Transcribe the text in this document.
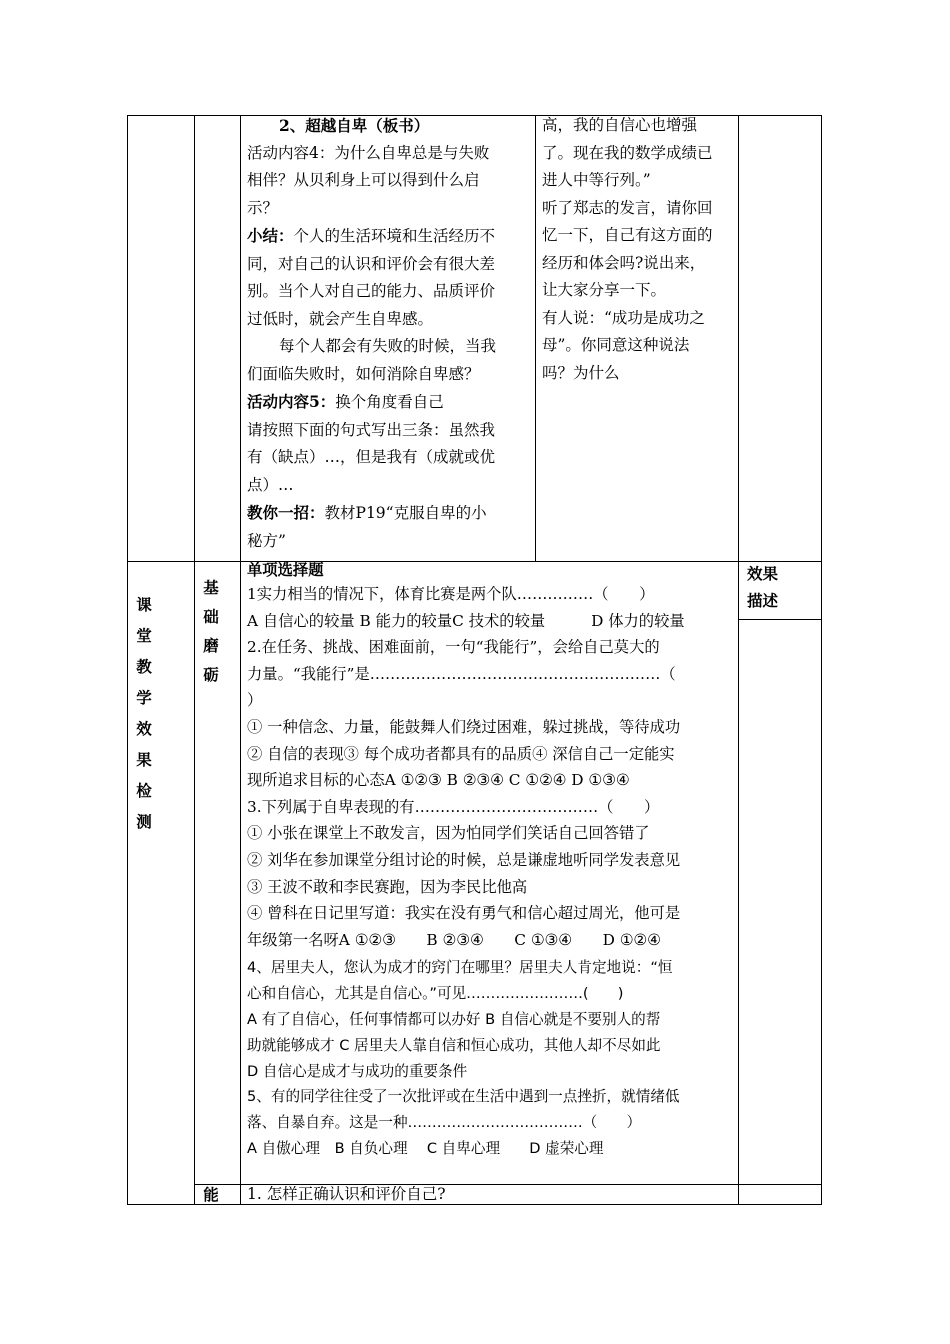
2、超越自卑（板书）
活动内容4：为什么自卑总是与失败
相伴？从贝利身上可以得到什么启
示？
小结：个人的生活环境和生活经历不
同，对自己的认识和评价会有很大差
别。当个人对自己的能力、品质评价
过低时，就会产生自卑感。
每个人都会有失败的时候，当我
们面临失败时，如何消除自卑感？
活动内容5：换个角度看自己
请按照下面的句式写出三条：虽然我
有（缺点）…，但是我有（成就或优
点）…
教你一招：教材P19“克服自卑的小
秘方”
高，我的自信心也增强
了。现在我的数学成绩已
进人中等行列。”
听了郑志的发言，请你回
忆一下，自己有这方面的
经历和体会吗?说出来，
让大家分享一下。
有人说：“成功是成功之
母”。你同意这种说法
吗？为什么
课
堂
教
学
效
果
检
测
基
础
磨
砺
能
效果
描述
单项选择题
1实力相当的情况下，体育比赛是两个队……………（　　）
A 自信心的较量 B 能力的较量C 技术的较量　　　D 体力的较量
2.在任务、挑战、困难面前，一句“我能行”，会给自己莫大的
力量。“我能行”是…………………………………………………（
）
① 一种信念、力量，能鼓舞人们绕过困难，躲过挑战，等待成功
② 自信的表现③ 每个成功者都具有的品质④ 深信自己一定能实
现所追求目标的心态A ①②③ B ②③④ C ①②④ D ①③④
3.下列属于自卑表现的有………………………………（　　）
① 小张在课堂上不敢发言，因为怕同学们笑话自己回答错了
② 刘华在参加课堂分组讨论的时候，总是谦虚地听同学发表意见
③ 王波不敢和李民赛跑，因为李民比他高
④ 曾科在日记里写道：我实在没有勇气和信心超过周光，他可是
年级第一名呀A ①②③　　B ②③④　　C ①③④　　D ①②④
4、居里夫人，您认为成才的窍门在哪里？居里夫人肯定地说：“恒
心和自信心，尤其是自信心。”可见……………………(　　)
A 有了自信心，任何事情都可以办好 B 自信心就是不要别人的帮
助就能够成才 C 居里夫人靠自信和恒心成功，其他人却不尽如此
D 自信心是成才与成功的重要条件
5、有的同学往往受了一次批评或在生活中遇到一点挫折，就情绪低
落、自暴自弃。这是一种………………………………（　　）
A 自傲心理　B 自负心理　 C 自卑心理　　D 虚荣心理
1. 怎样正确认识和评价自己?
